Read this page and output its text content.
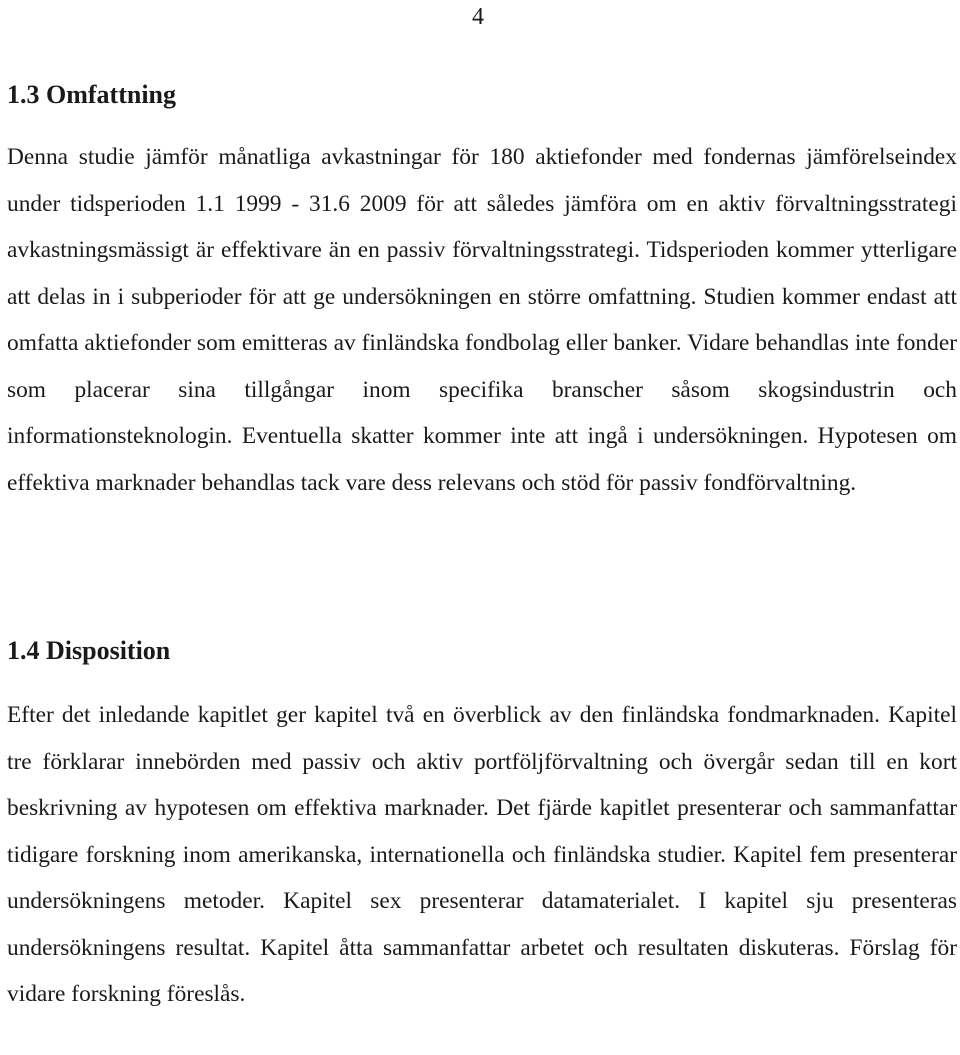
4
1.3 Omfattning

Denna studie jämför månatliga avkastningar för 180 aktiefonder med fondernas jämförelseindex under tidsperioden 1.1 1999 - 31.6 2009 för att således jämföra om en aktiv förvaltningsstrategi avkastningsmässigt är effektivare än en passiv förvaltningsstrategi. Tidsperioden kommer ytterligare att delas in i subperioder för att ge undersökningen en större omfattning. Studien kommer endast att omfatta aktiefonder som emitteras av finländska fondbolag eller banker. Vidare behandlas inte fonder som placerar sina tillgångar inom specifika branscher såsom skogsindustrin och informationsteknologin. Eventuella skatter kommer inte att ingå i undersökningen. Hypotesen om effektiva marknader behandlas tack vare dess relevans och stöd för passiv fondförvaltning.

1.4 Disposition

Efter det inledande kapitlet ger kapitel två en överblick av den finländska fondmarknaden. Kapitel tre förklarar innebörden med passiv och aktiv portföljförvaltning och övergår sedan till en kort beskrivning av hypotesen om effektiva marknader. Det fjärde kapitlet presenterar och sammanfattar tidigare forskning inom amerikanska, internationella och finländska studier. Kapitel fem presenterar undersökningens metoder. Kapitel sex presenterar datamaterialet. I kapitel sju presenteras undersökningens resultat. Kapitel åtta sammanfattar arbetet och resultaten diskuteras. Förslag för vidare forskning föreslås.
